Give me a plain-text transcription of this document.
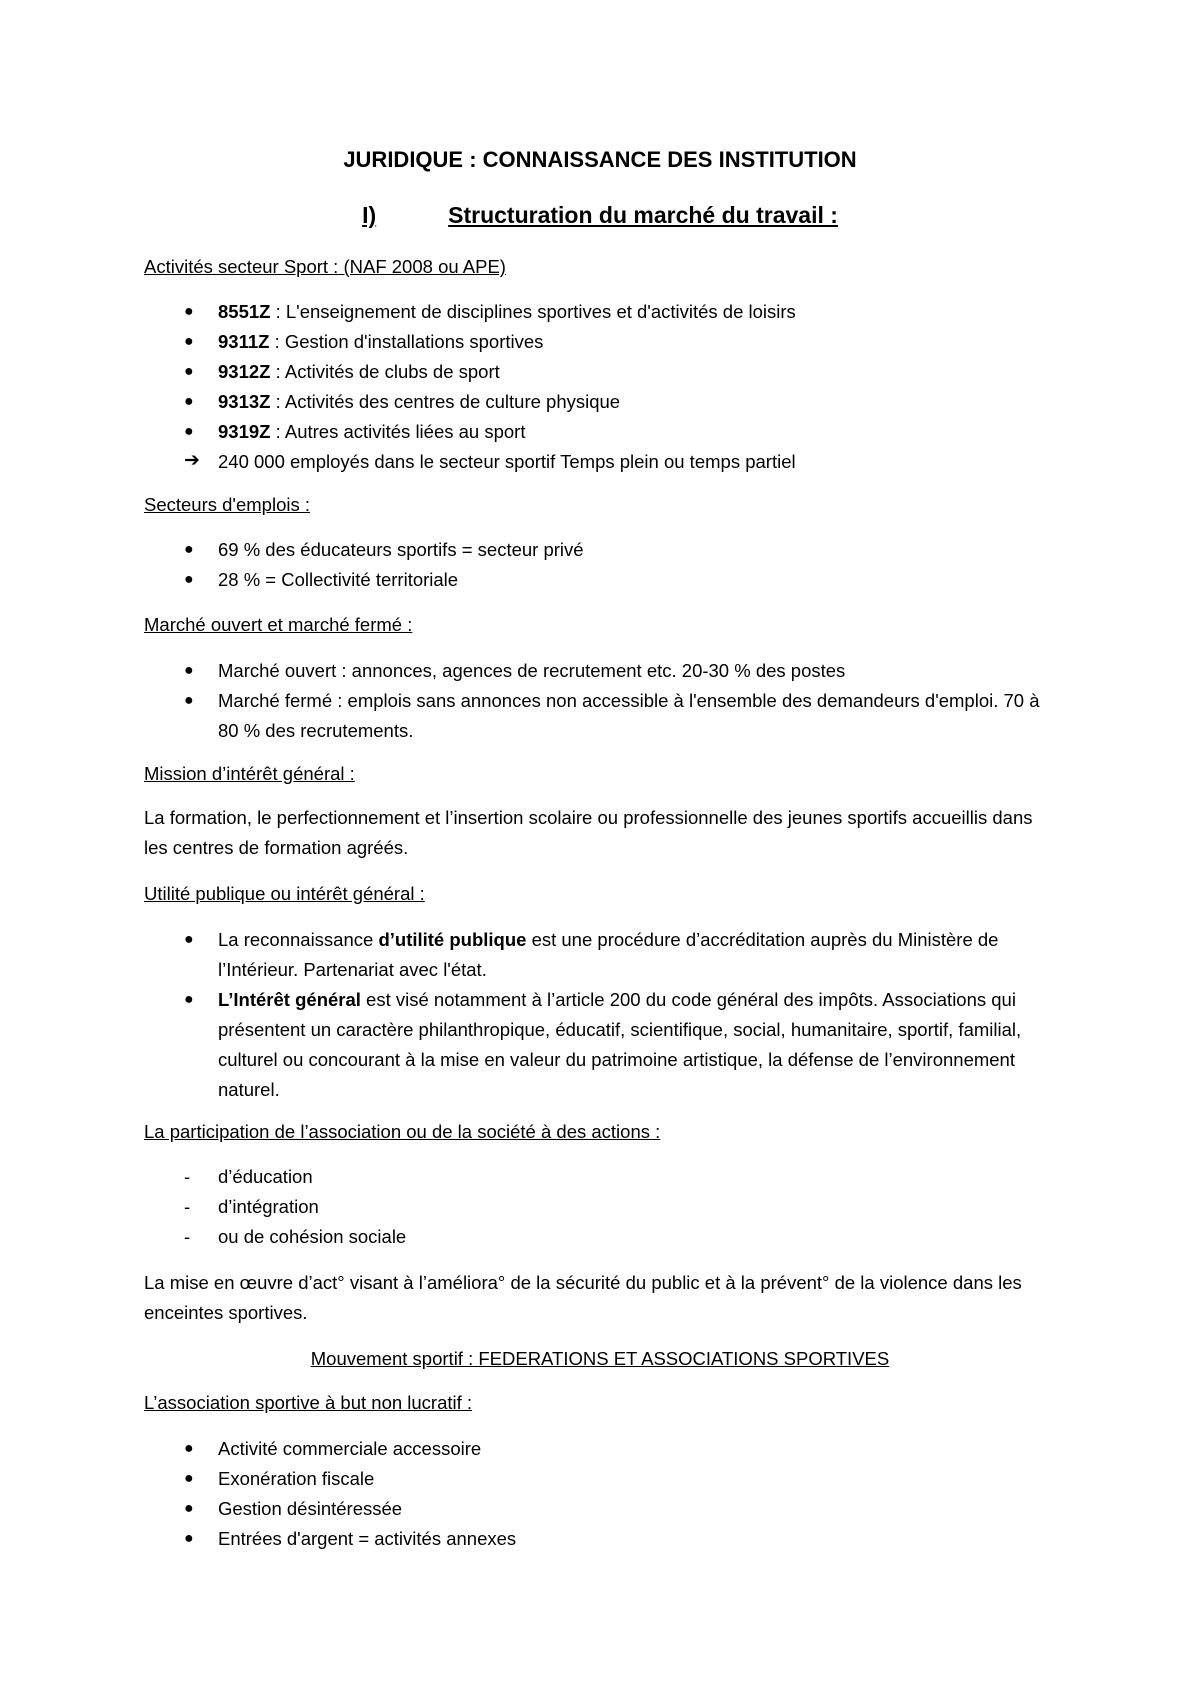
JURIDIQUE : CONNAISSANCE DES INSTITUTION
I)	Structuration du marché du travail :
Activités secteur Sport : (NAF 2008 ou APE)
● 8551Z : L'enseignement de disciplines sportives et d'activités de loisirs
● 9311Z : Gestion d'installations sportives
● 9312Z : Activités de clubs de sport
● 9313Z : Activités des centres de culture physique
● 9319Z : Autres activités liées au sport
➔ 240 000 employés dans le secteur sportif Temps plein ou temps partiel
Secteurs d'emplois :
● 69 % des éducateurs sportifs = secteur privé
● 28 % = Collectivité territoriale
Marché ouvert et marché fermé :
● Marché ouvert : annonces, agences de recrutement etc. 20-30 % des postes
● Marché fermé : emplois sans annonces non accessible à l'ensemble des demandeurs d'emploi. 70 à 80 % des recrutements.
Mission d’intérêt général :

La formation, le perfectionnement et l’insertion scolaire ou professionnelle des jeunes sportifs accueillis dans les centres de formation agréés.

Utilité publique ou intérêt général :
● La reconnaissance d’utilité publique est une procédure d’accréditation auprès du Ministère de l’Intérieur. Partenariat avec l'état.
● L’Intérêt général est visé notamment à l’article 200 du code général des impôts. Associations qui présentent un caractère philanthropique, éducatif, scientifique, social, humanitaire, sportif, familial, culturel ou concourant à la mise en valeur du patrimoine artistique, la défense de l’environnement naturel.
La participation de l’association ou de la société à des actions :
- d’éducation
- d’intégration
- ou de cohésion sociale

La mise en œuvre d’act° visant à l’améliora° de la sécurité du public et à la prévent° de la violence dans les enceintes sportives.

Mouvement sportif : FEDERATIONS ET ASSOCIATIONS SPORTIVES
L’association sportive à but non lucratif :
● Activité commerciale accessoire
● Exonération fiscale
● Gestion désintéressée
● Entrées d'argent = activités annexes
